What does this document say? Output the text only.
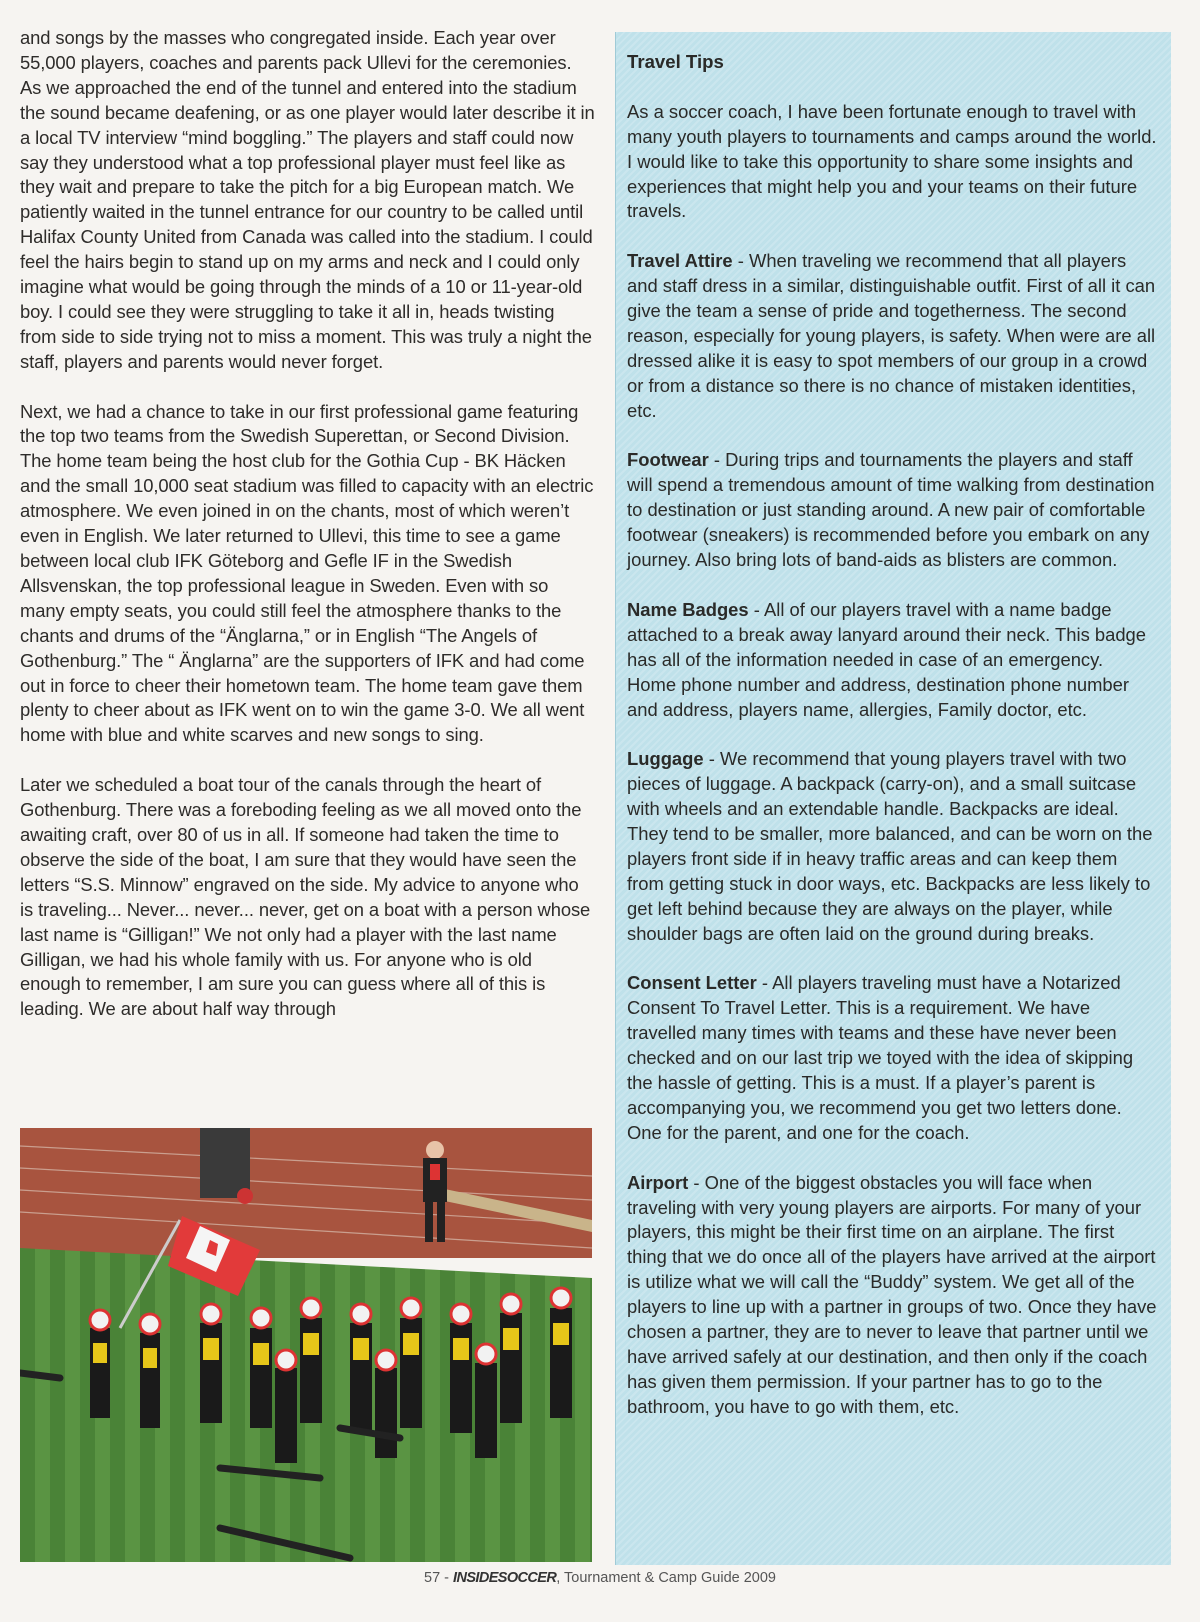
and songs by the masses who congregated inside. Each year over 55,000 players, coaches and parents pack Ullevi for the ceremonies. As we approached the end of the tunnel and entered into the stadium the sound became deafening, or as one player would later describe it in a local TV interview “mind boggling.” The players and staff could now say they understood what a top professional player must feel like as

they wait and prepare to take the pitch for a big European match. We patiently waited in the tunnel entrance for our country to be called until Halifax County United from Canada was called into the stadium. I could feel the hairs begin to stand up on my arms and neck and I could only imagine what would be going through the minds of a 10 or 11-year-old boy. I could see they were struggling to take it all in, heads twisting from side to side trying not to miss a moment. This was truly a night the staff, players and parents would never forget.

Next, we had a chance to take in our first professional game featuring the top two teams from the Swedish Superettan, or Second Division. The home team being the host club for the Gothia Cup - BK Häcken and the small 10,000 seat stadium was filled to capacity with an electric atmosphere. We even joined in on the chants, most of which weren’t even in English. We later returned to Ullevi, this time to see a game between local club IFK Göteborg and Gefle IF in the Swedish Allsvenskan, the top professional league in Sweden. Even with so many empty seats, you could still feel the atmosphere thanks to the chants and drums of the “Änglarna,” or in English “The Angels of Gothenburg.” The “ Änglarna” are the supporters of IFK and had come out in force to cheer their hometown team. The home team gave them plenty to cheer about as IFK went on to win the game 3-0. We all went home with blue and white scarves and new songs to sing.

Later we scheduled a boat tour of the canals through the heart of Gothenburg. There was a foreboding feeling as we all moved onto the awaiting craft, over 80 of us in all. If someone had taken the time to observe the side of the boat, I am sure that they would have seen the letters “S.S. Minnow” engraved on the side. My advice to anyone who is traveling... Never... never... never, get on a boat with a person whose last name is “Gilligan!” We not only had a player with the last name Gilligan, we had his whole family with us. For anyone who is old enough to remember, I am sure you can guess where all of this is leading. We are about half way through

Travel Tips

As a soccer coach, I have been fortunate enough to travel with many youth players to tournaments and camps around the world. I would like to take this opportunity to share some insights and experiences that might help you and your teams on their future travels.

Travel Attire - When traveling we recommend that all players and staff dress in a similar, distinguishable outfit. First of all it can give the team a sense of pride and togetherness. The second reason, especially for young players, is safety. When were are all dressed alike it is easy to spot members of our group in a crowd or from a distance so there is no chance of mistaken identities, etc.

Footwear - During trips and tournaments the players and staff will spend a tremendous amount of time walking from destination to destination or just standing around. A new pair of comfortable footwear (sneakers) is recommended before you embark on any journey. Also bring lots of band-aids as blisters are common.

Name Badges - All of our players travel with a name badge attached to a break away lanyard around their neck. This badge has all of the information needed in case of an emergency. Home phone number and address, destination phone number and address, players name, allergies, Family doctor, etc.

Luggage - We recommend that young players travel with two pieces of luggage. A backpack (carry-on), and a small suitcase with wheels and an extendable handle. Backpacks are ideal. They tend to be smaller, more balanced, and can be worn on the players front side if in heavy traffic areas and can keep them from getting stuck in door ways, etc. Backpacks are less likely to get left behind because they are always on the player, while shoulder bags are often laid on the ground during breaks.

Consent Letter - All players traveling must have a Notarized Consent To Travel Letter. This is a requirement. We have travelled many times with teams and these have never been checked and on our last trip we toyed with the idea of skipping the hassle of getting. This is a must. If a player’s parent is accompanying you, we recommend you get two letters done. One for the parent, and one for the coach.

Airport - One of the biggest obstacles you will face when traveling with very young players are airports. For many of your players, this might be their first time on an airplane. The first thing that we do once all of the players have arrived at the airport is utilize what we will call the “Buddy” system. We get all of the players to line up with a partner in groups of two. Once they have chosen a partner, they are to never to leave that partner until we have arrived safely at our destination, and then only if the coach has given them permission. If your partner has to go to the bathroom, you have to go with them, etc.

57 - INSIDESOCCER, Tournament & Camp Guide 2009
